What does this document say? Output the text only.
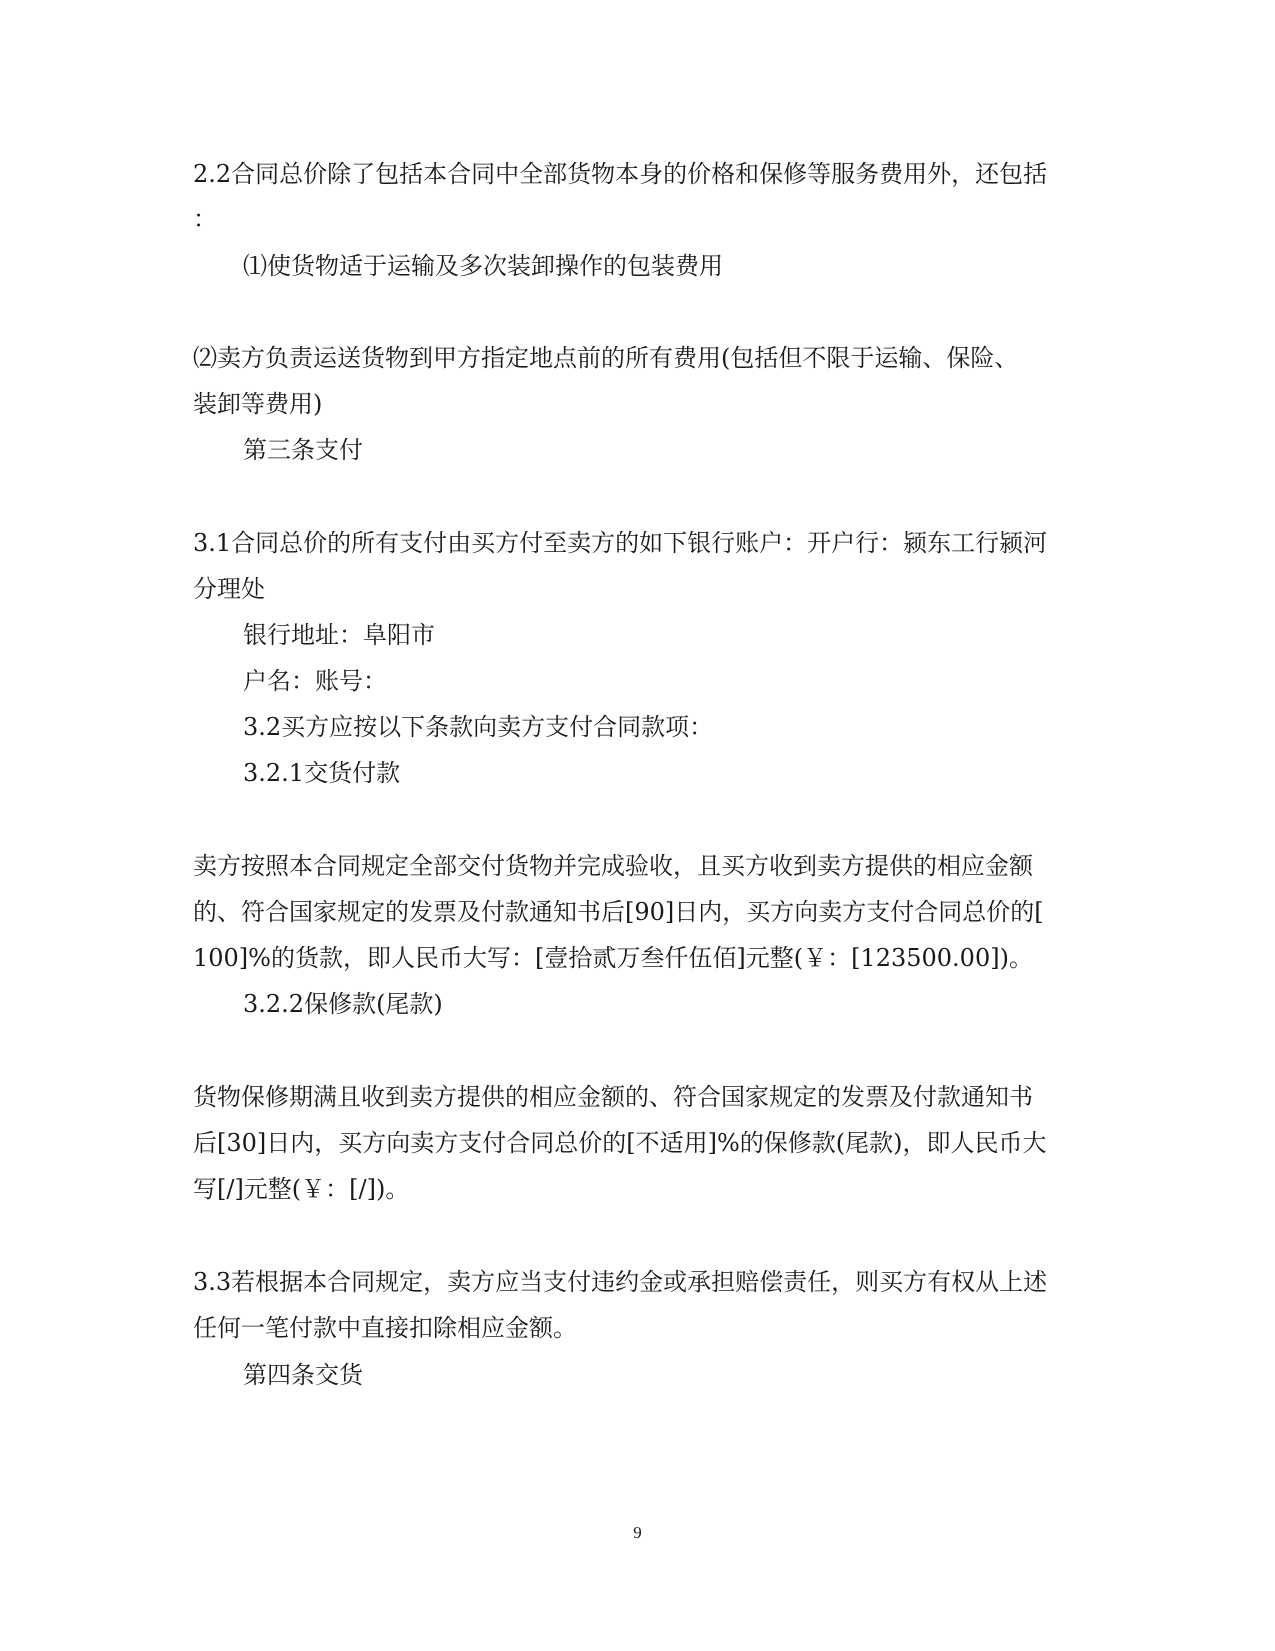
2.2合同总价除了包括本合同中全部货物本身的价格和保修等服务费用外，还包括

：

⑴使货物适于运输及多次装卸操作的包装费用

⑵卖方负责运送货物到甲方指定地点前的所有费用(包括但不限于运输、保险、

装卸等费用)

第三条支付

3.1合同总价的所有支付由买方付至卖方的如下银行账户：开户行：颍东工行颍河

分理处

银行地址：阜阳市

户名：账号：

3.2买方应按以下条款向卖方支付合同款项：

3.2.1交货付款

卖方按照本合同规定全部交付货物并完成验收，且买方收到卖方提供的相应金额

的、符合国家规定的发票及付款通知书后[90]日内，买方向卖方支付合同总价的[

100]%的货款，即人民币大写：[壹拾贰万叁仟伍佰]元整(￥：[123500.00])。

3.2.2保修款(尾款)

货物保修期满且收到卖方提供的相应金额的、符合国家规定的发票及付款通知书

后[30]日内，买方向卖方支付合同总价的[不适用]%的保修款(尾款)，即人民币大

写[/]元整(￥：[/])。

3.3若根据本合同规定，卖方应当支付违约金或承担赔偿责任，则买方有权从上述

任何一笔付款中直接扣除相应金额。

第四条交货

9
